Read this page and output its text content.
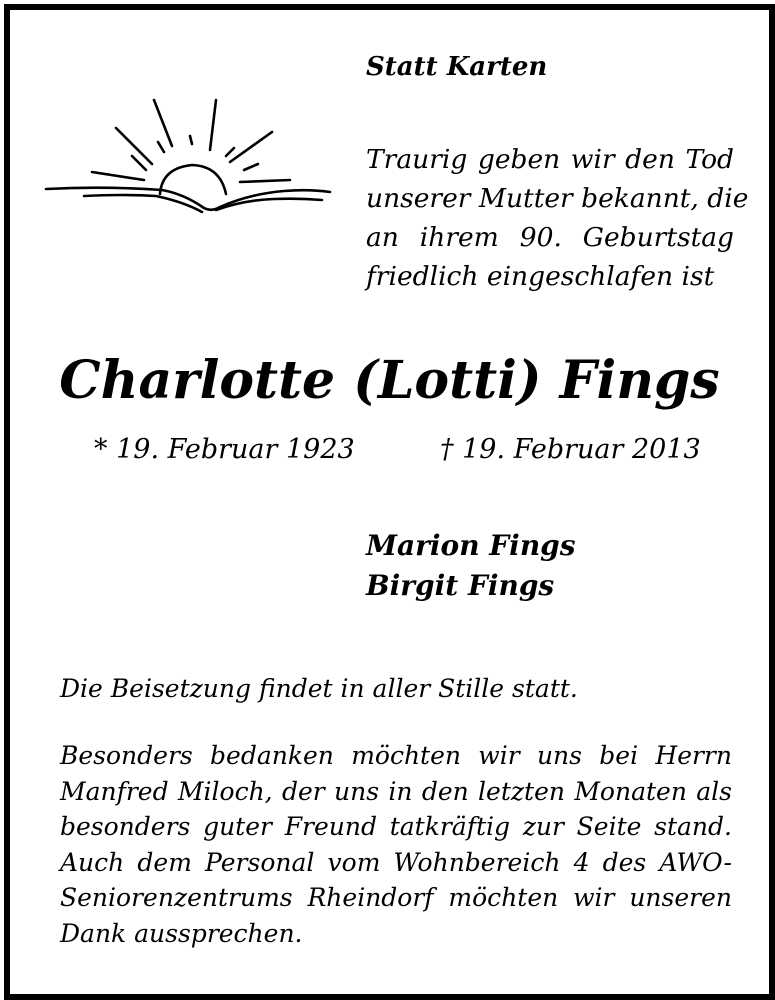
Statt Karten
Traurig geben wir den Tod
unserer Mutter bekannt, die
an ihrem 90. Geburtstag
friedlich eingeschlafen ist
Charlotte (Lotti) Fings
* 19. Februar 1923	† 19. Februar 2013
Marion Fings
Birgit Fings
Die Beisetzung findet in aller Stille statt.
Besonders bedanken möchten wir uns bei Herrn
Manfred Miloch, der uns in den letzten Monaten als
besonders guter Freund tatkräftig zur Seite stand.
Auch dem Personal vom Wohnbereich 4 des AWO-
Seniorenzentrums Rheindorf möchten wir unseren
Dank aussprechen.
